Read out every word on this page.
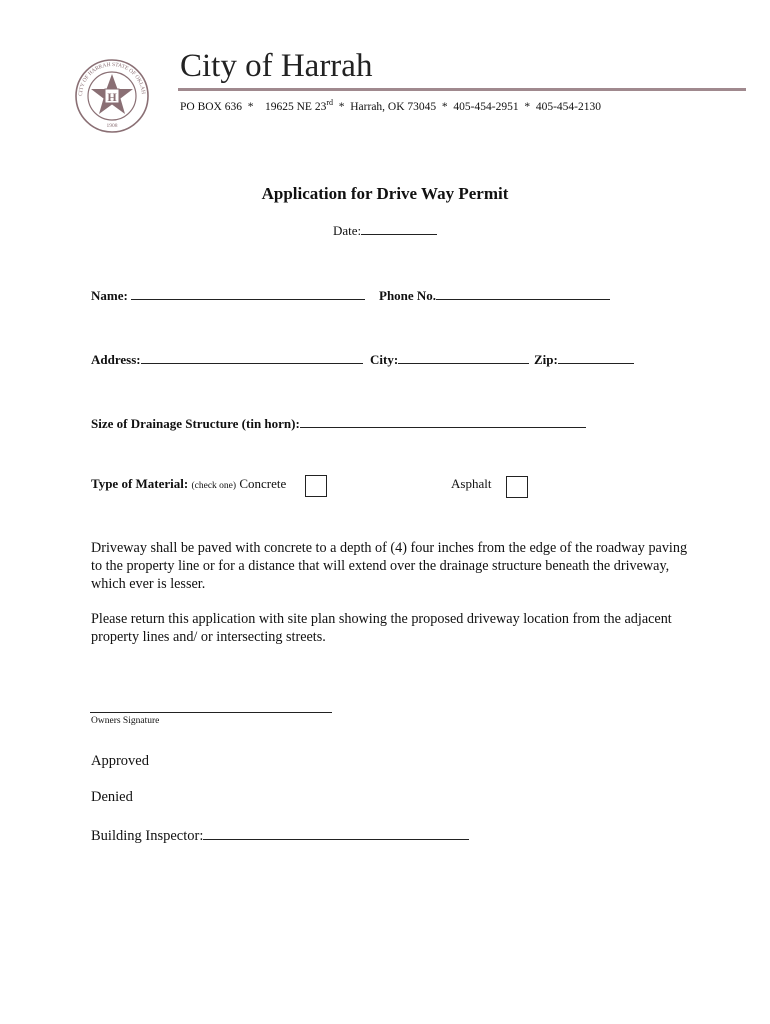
H
CITY OF HARRAH STATE OF OKLAH
1908
City of Harrah
PO BOX 636  *    19625 NE 23rd  *  Harrah, OK 73045  *  405-454-2951  *  405-454-2130
Application for Drive Way Permit
Date:
Name:	Phone No.
Address:	City:	Zip:
Size of Drainage Structure (tin horn):
Type of Material: (check one) Concrete	Asphalt
Driveway shall be paved with concrete to a depth of (4) four inches from the edge of the roadway paving to the property line or for a distance that will extend over the drainage structure beneath the driveway, which ever is lesser.
Please return this application with site plan showing the proposed driveway location from the adjacent property lines and/ or intersecting streets.
Owners Signature
Approved
Denied
Building Inspector:
